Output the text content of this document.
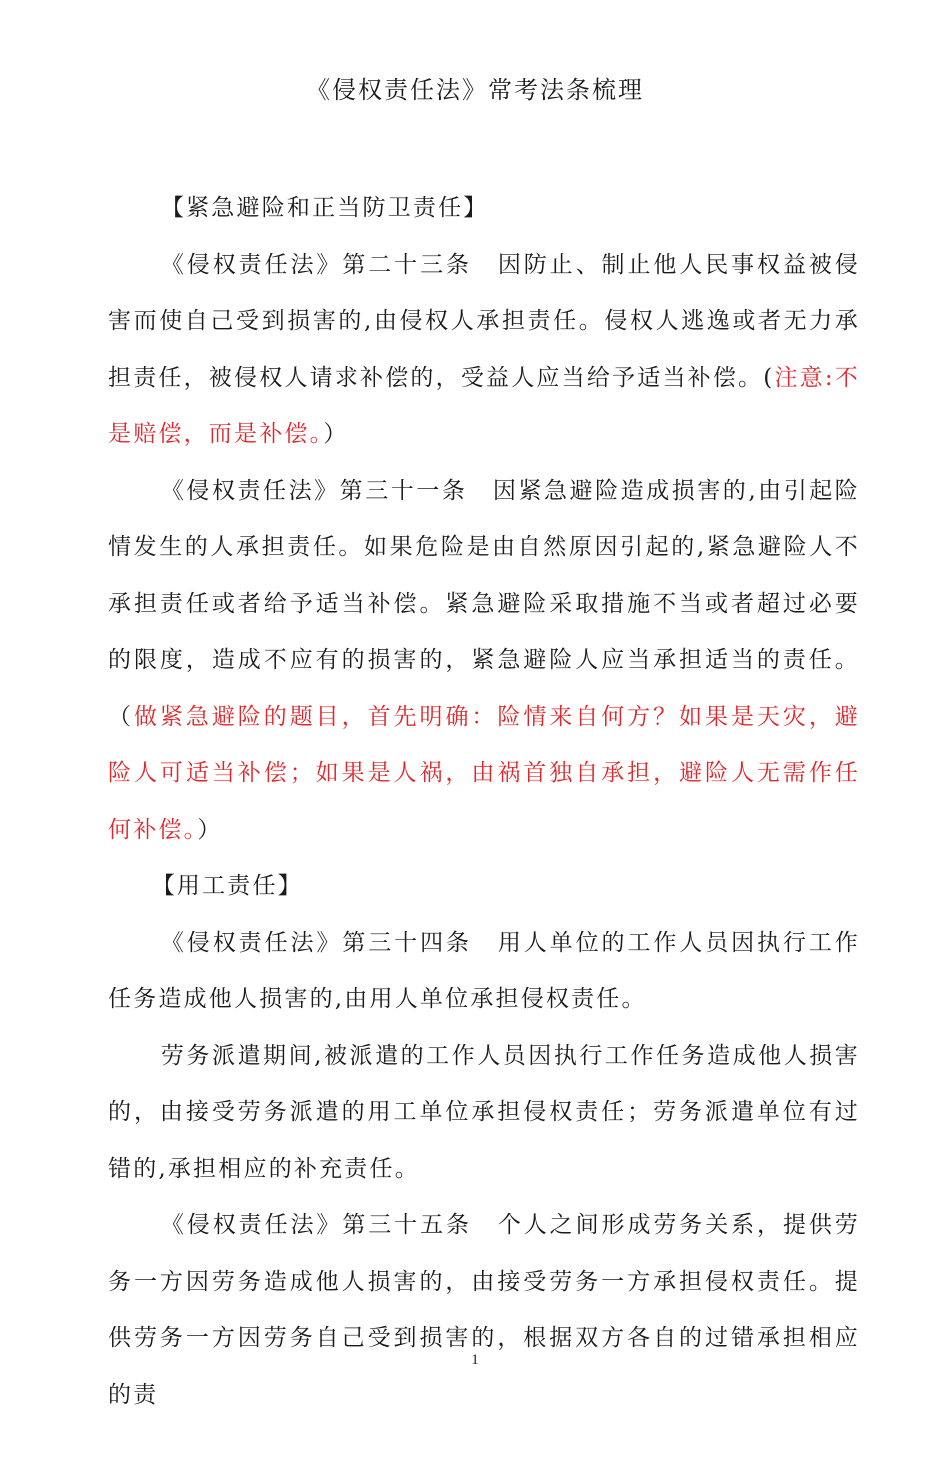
《侵权责任法》常考法条梳理

【紧急避险和正当防卫责任】

《侵权责任法》第二十三条　因防止、制止他人民事权益被侵害而使自己受到损害的,由侵权人承担责任。侵权人逃逸或者无力承担责任，被侵权人请求补偿的，受益人应当给予适当补偿。(注意:不是赔偿，而是补偿。）

《侵权责任法》第三十一条　因紧急避险造成损害的,由引起险情发生的人承担责任。如果危险是由自然原因引起的,紧急避险人不承担责任或者给予适当补偿。紧急避险采取措施不当或者超过必要的限度，造成不应有的损害的，紧急避险人应当承担适当的责任。（做紧急避险的题目，首先明确：险情来自何方？如果是天灾，避险人可适当补偿；如果是人祸，由祸首独自承担，避险人无需作任何补偿。）

【用工责任】

《侵权责任法》第三十四条　用人单位的工作人员因执行工作任务造成他人损害的,由用人单位承担侵权责任。

劳务派遣期间,被派遣的工作人员因执行工作任务造成他人损害的，由接受劳务派遣的用工单位承担侵权责任；劳务派遣单位有过错的,承担相应的补充责任。

《侵权责任法》第三十五条　个人之间形成劳务关系，提供劳务一方因劳务造成他人损害的，由接受劳务一方承担侵权责任。提供劳务一方因劳务自己受到损害的，根据双方各自的过错承担相应的责

1
